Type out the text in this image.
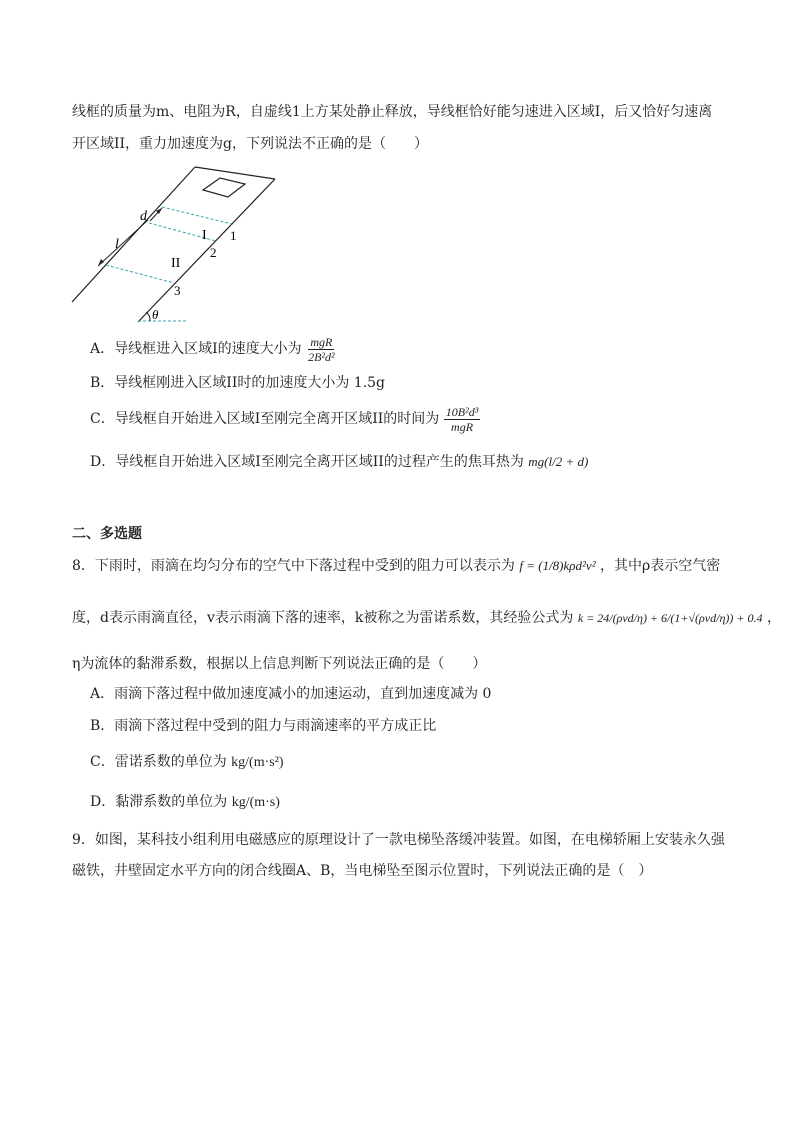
线框的质量为m、电阻为R，自虚线1上方某处静止释放，导线框恰好能匀速进入区域I，后又恰好匀速离
开区域II，重力加速度为g，下列说法不正确的是（　　）
d
l
I
II
1
2
3
θ
A．导线框进入区域I的速度大小为 $\frac{\text{mgR}}{\text{2B²d²}}$
B．导线框刚进入区域II时的加速度大小为 1.5g
C．导线框自开始进入区域I至刚完全离开区域II的时间为 $\frac{\text{10B²d³}}{\text{mgR}}$
D．导线框自开始进入区域I至刚完全离开区域II的过程产生的焦耳热为 mg(l/2 + d)
二、多选题
8．下雨时，雨滴在均匀分布的空气中下落过程中受到的阻力可以表示为 f = (1/8)kρd²v² ，其中ρ表示空气密
度，d表示雨滴直径，v表示雨滴下落的速率，k被称之为雷诺系数，其经验公式为 k = 24/(ρvd/η) + 6/(1+√(ρvd/η)) + 0.4 ，
η为流体的黏滞系数，根据以上信息判断下列说法正确的是（　　）
A．雨滴下落过程中做加速度减小的加速运动，直到加速度减为 0
B．雨滴下落过程中受到的阻力与雨滴速率的平方成正比
C．雷诺系数的单位为 kg/(m·s²)
D．黏滞系数的单位为 kg/(m·s)
9．如图，某科技小组利用电磁感应的原理设计了一款电梯坠落缓冲装置。如图，在电梯轿厢上安装永久强
磁铁，井壁固定水平方向的闭合线圈A、B，当电梯坠至图示位置时，下列说法正确的是（　）
